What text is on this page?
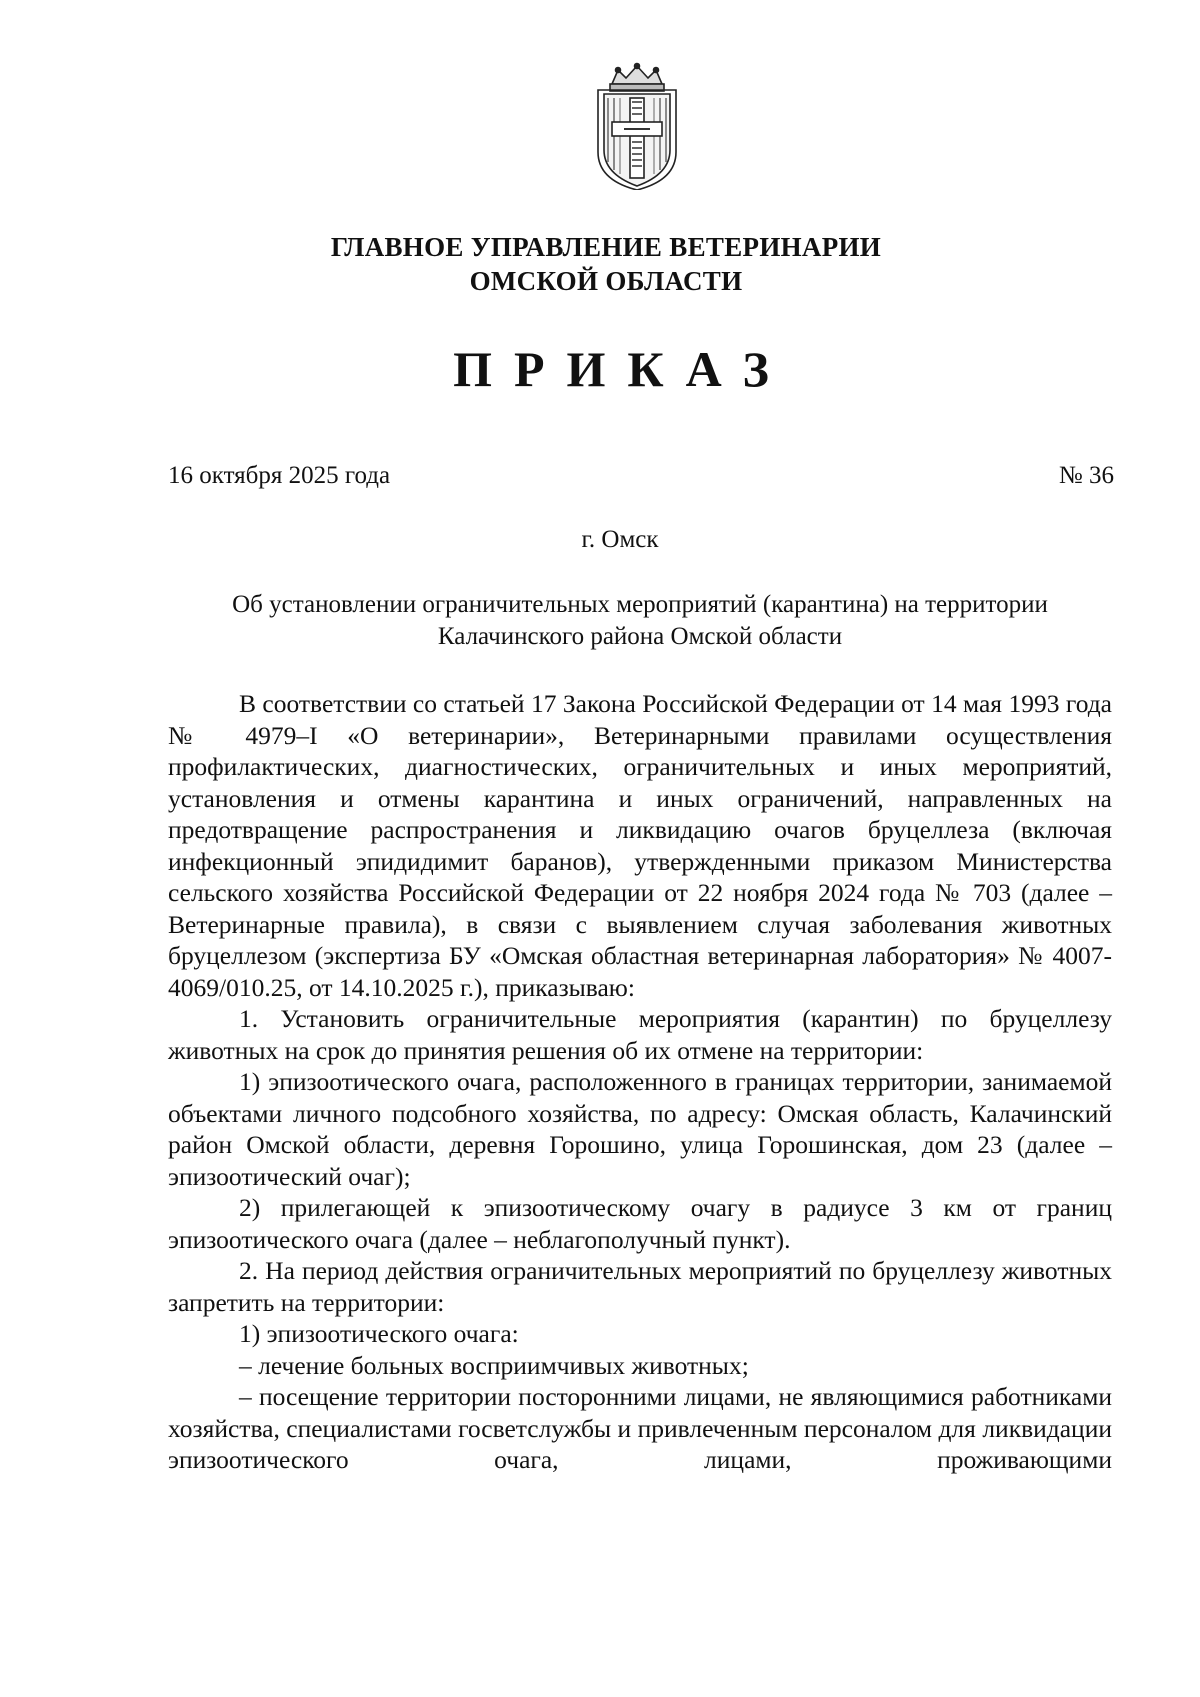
ГЛАВНОЕ УПРАВЛЕНИЕ ВЕТЕРИНАРИИ
ОМСКОЙ ОБЛАСТИ
ПРИКАЗ
16 октября 2025 года	№ 36
г. Омск
Об установлении ограничительных мероприятий (карантина) на территории
Калачинского района Омской области

В соответствии со статьей 17 Закона Российской Федерации от 14 мая 1993 года № 4979–I «О ветеринарии», Ветеринарными правилами осуществления профилактических, диагностических, ограничительных и иных мероприятий, установления и отмены карантина и иных ограничений, направленных на предотвращение распространения и ликвидацию очагов бруцеллеза (включая инфекционный эпидидимит баранов), утвержденными приказом Министерства сельского хозяйства Российской Федерации от 22 ноября 2024 года № 703 (далее – Ветеринарные правила), в связи с выявлением случая заболевания животных бруцеллезом (экспертиза БУ «Омская областная ветеринарная лаборатория» № 4007-4069/010.25, от 14.10.2025 г.), приказываю:

1. Установить ограничительные мероприятия (карантин) по бруцеллезу животных на срок до принятия решения об их отмене на территории:

1) эпизоотического очага, расположенного в границах территории, занимаемой объектами личного подсобного хозяйства, по адресу: Омская область, Калачинский район Омской области, деревня Горошино, улица Горошинская, дом 23 (далее – эпизоотический очаг);

2) прилегающей к эпизоотическому очагу в радиусе 3 км от границ эпизоотического очага (далее – неблагополучный пункт).

2. На период действия ограничительных мероприятий по бруцеллезу животных запретить на территории:

1) эпизоотического очага:

– лечение больных восприимчивых животных;

– посещение территории посторонними лицами, не являющимися работниками хозяйства, специалистами госветслужбы и привлеченным персоналом для ликвидации эпизоотического очага, лицами, проживающими
